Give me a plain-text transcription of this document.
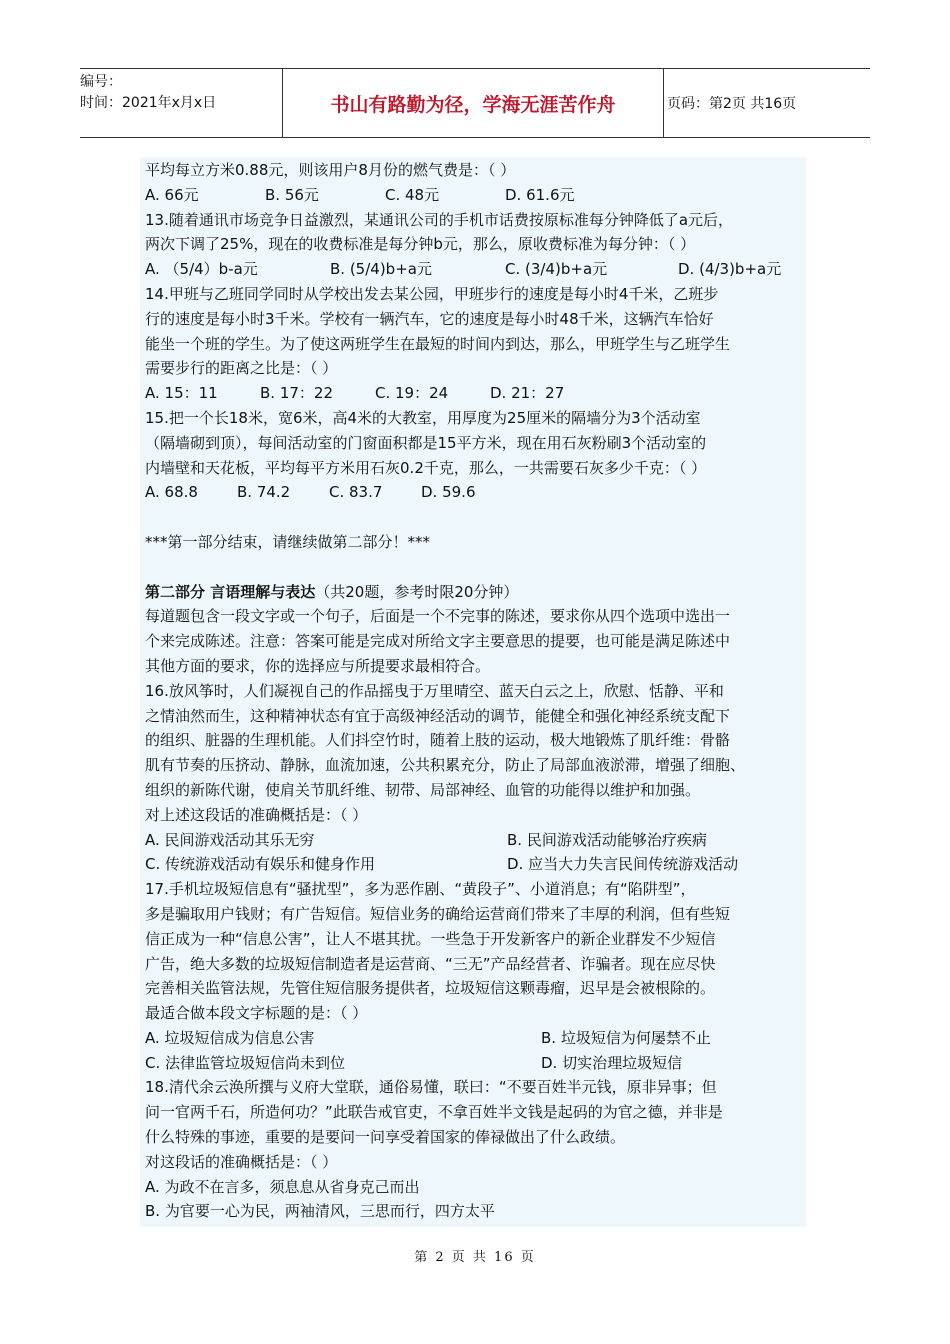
编号：
时间：2021年x月x日	书山有路勤为径，学海无涯苦作舟	页码：第2页 共16页
平均每立方米0.88元，则该用户8月份的燃气费是：（ ）
A. 66元	B. 56元	C. 48元	D. 61.6元
13.随着通讯市场竞争日益激烈，某通讯公司的手机市话费按原标准每分钟降低了a元后，
两次下调了25%，现在的收费标准是每分钟b元，那么，原收费标准为每分钟：（ ）
A. （5/4）b-a元	B. (5/4)b+a元	C. (3/4)b+a元	D. (4/3)b+a元
14.甲班与乙班同学同时从学校出发去某公园，甲班步行的速度是每小时4千米，乙班步
行的速度是每小时3千米。学校有一辆汽车，它的速度是每小时48千米，这辆汽车恰好
能坐一个班的学生。为了使这两班学生在最短的时间内到达，那么，甲班学生与乙班学生
需要步行的距离之比是：（ ）
A. 15：11	B. 17：22	C. 19：24	D. 21：27
15.把一个长18米，宽6米，高4米的大教室，用厚度为25厘米的隔墙分为3个活动室
（隔墙砌到顶），每间活动室的门窗面积都是15平方米，现在用石灰粉刷3个活动室的
内墙壁和天花板，平均每平方米用石灰0.2千克，那么，一共需要石灰多少千克：（ ）
A. 68.8	B. 74.2	C. 83.7	D. 59.6
***第一部分结束，请继续做第二部分！***
第二部分 言语理解与表达（共20题，参考时限20分钟）
每道题包含一段文字或一个句子，后面是一个不完事的陈述，要求你从四个选项中选出一
个来完成陈述。注意：答案可能是完成对所给文字主要意思的提要，也可能是满足陈述中
其他方面的要求，你的选择应与所提要求最相符合。
16.放风筝时，人们凝视自己的作品摇曳于万里晴空、蓝天白云之上，欣慰、恬静、平和
之情油然而生，这种精神状态有宜于高级神经活动的调节，能健全和强化神经系统支配下
的组织、脏器的生理机能。人们抖空竹时，随着上肢的运动，极大地锻炼了肌纤维：骨骼
肌有节奏的压挤动、静脉，血流加速，公共积累充分，防止了局部血液淤滞，增强了细胞、
组织的新陈代谢，使肩关节肌纤维、韧带、局部神经、血管的功能得以维护和加强。
对上述这段话的准确概括是：（ ）
A. 民间游戏活动其乐无穷	B. 民间游戏活动能够治疗疾病
C. 传统游戏活动有娱乐和健身作用	D. 应当大力失言民间传统游戏活动
17.手机垃圾短信息有“骚扰型”，多为恶作剧、“黄段子”、小道消息；有“陷阱型”，
多是骗取用户钱财；有广告短信。短信业务的确给运营商们带来了丰厚的利润，但有些短
信正成为一种“信息公害”，让人不堪其扰。一些急于开发新客户的新企业群发不少短信
广告，绝大多数的垃圾短信制造者是运营商、“三无”产品经营者、诈骗者。现在应尽快
完善相关监管法规，先管住短信服务提供者，垃圾短信这颗毒瘤，迟早是会被根除的。
最适合做本段文字标题的是：（ ）
A. 垃圾短信成为信息公害	B. 垃圾短信为何屡禁不止
C. 法律监管垃圾短信尚未到位	D. 切实治理垃圾短信
18.清代余云涣所撰与义府大堂联，通俗易懂，联曰：“不要百姓半元钱，原非异事；但
问一官两千石，所造何功？”此联告戒官吏，不拿百姓半文钱是起码的为官之德，并非是
什么特殊的事迹，重要的是要问一问享受着国家的俸禄做出了什么政绩。
对这段话的准确概括是：（ ）
A. 为政不在言多，须息息从省身克己而出
B. 为官要一心为民，两袖清风，三思而行，四方太平
第 2 页 共 16 页
